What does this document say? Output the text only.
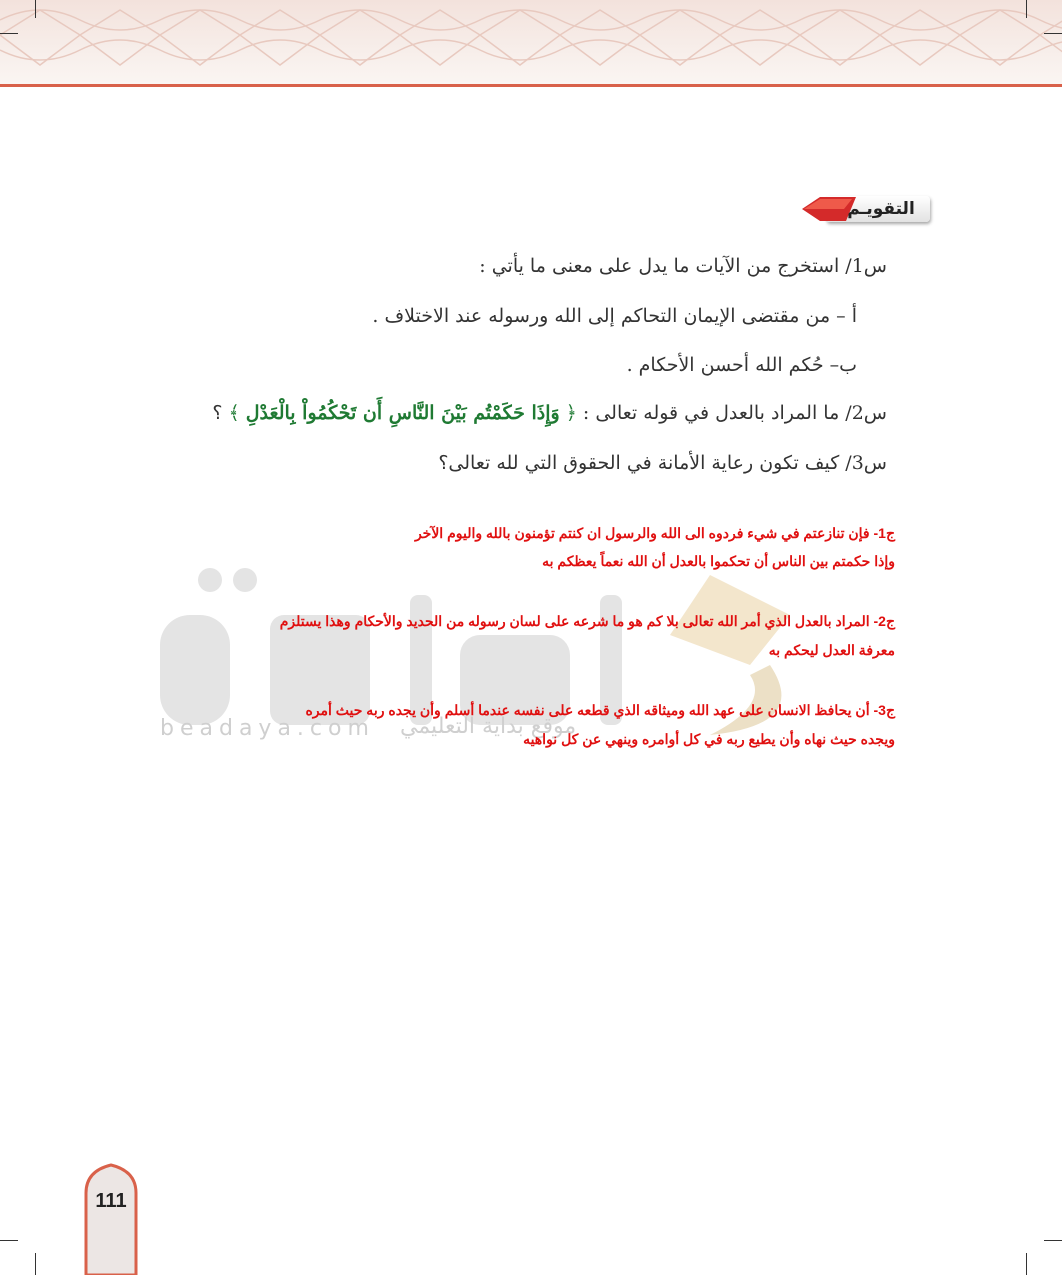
التقويـم
س1/ استخرج من الآيات ما يدل على معنى ما يأتي :
أ – من مقتضى الإيمان التحاكم إلى الله ورسوله عند الاختلاف .
ب– حُكم الله أحسن الأحكام .
س2/ ما المراد بالعدل في قوله تعالى : ﴿ وَإِذَا حَكَمْتُم بَيْنَ النَّاسِ أَن تَحْكُمُواْ بِالْعَدْلِ ﴾ ؟
س3/ كيف تكون رعاية الأمانة في الحقوق التي لله تعالى؟
beadaya.com موقع بداية التعليمي
ج1- فإن تنازعتم في شيء فردوه الى الله والرسول ان كنتم تؤمنون بالله واليوم الآخر
وإذا حكمتم بين الناس أن تحكموا بالعدل أن الله نعماً يعظكم به
ج2- المراد بالعدل الذي أمر الله تعالى بلا كم هو ما شرعه على لسان رسوله من الحديد والأحكام وهذا يستلزم
معرفة العدل ليحكم به
ج3- أن يحافظ الانسان على عهد الله وميثاقه الذي قطعه على نفسه عندما أسلم وأن يجده ربه حيث أمره
ويجده حيث نهاه وأن يطيع ربه في كل أوامره وينهي عن كل نواهيه
111
